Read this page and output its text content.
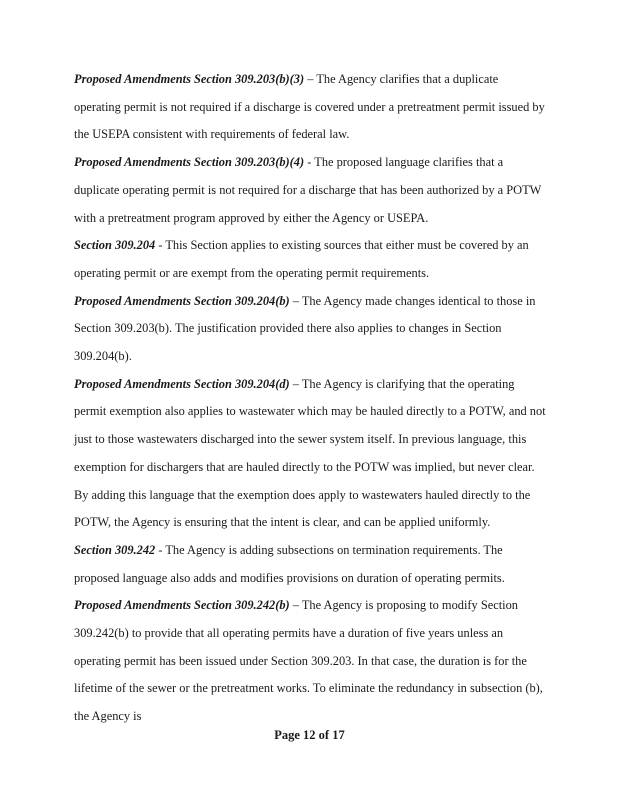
Proposed Amendments Section 309.203(b)(3) – The Agency clarifies that a duplicate operating permit is not required if a discharge is covered under a pretreatment permit issued by the USEPA consistent with requirements of federal law.

Proposed Amendments Section 309.203(b)(4) - The proposed language clarifies that a duplicate operating permit is not required for a discharge that has been authorized by a POTW with a pretreatment program approved by either the Agency or USEPA.

Section 309.204 - This Section applies to existing sources that either must be covered by an operating permit or are exempt from the operating permit requirements.

Proposed Amendments Section 309.204(b) – The Agency made changes identical to those in Section 309.203(b). The justification provided there also applies to changes in Section 309.204(b).

Proposed Amendments Section 309.204(d) – The Agency is clarifying that the operating permit exemption also applies to wastewater which may be hauled directly to a POTW, and not just to those wastewaters discharged into the sewer system itself. In previous language, this exemption for dischargers that are hauled directly to the POTW was implied, but never clear. By adding this language that the exemption does apply to wastewaters hauled directly to the POTW, the Agency is ensuring that the intent is clear, and can be applied uniformly.

Section 309.242 - The Agency is adding subsections on termination requirements. The proposed language also adds and modifies provisions on duration of operating permits.

Proposed Amendments Section 309.242(b) – The Agency is proposing to modify Section 309.242(b) to provide that all operating permits have a duration of five years unless an operating permit has been issued under Section 309.203. In that case, the duration is for the lifetime of the sewer or the pretreatment works. To eliminate the redundancy in subsection (b), the Agency is

Page 12 of 17
